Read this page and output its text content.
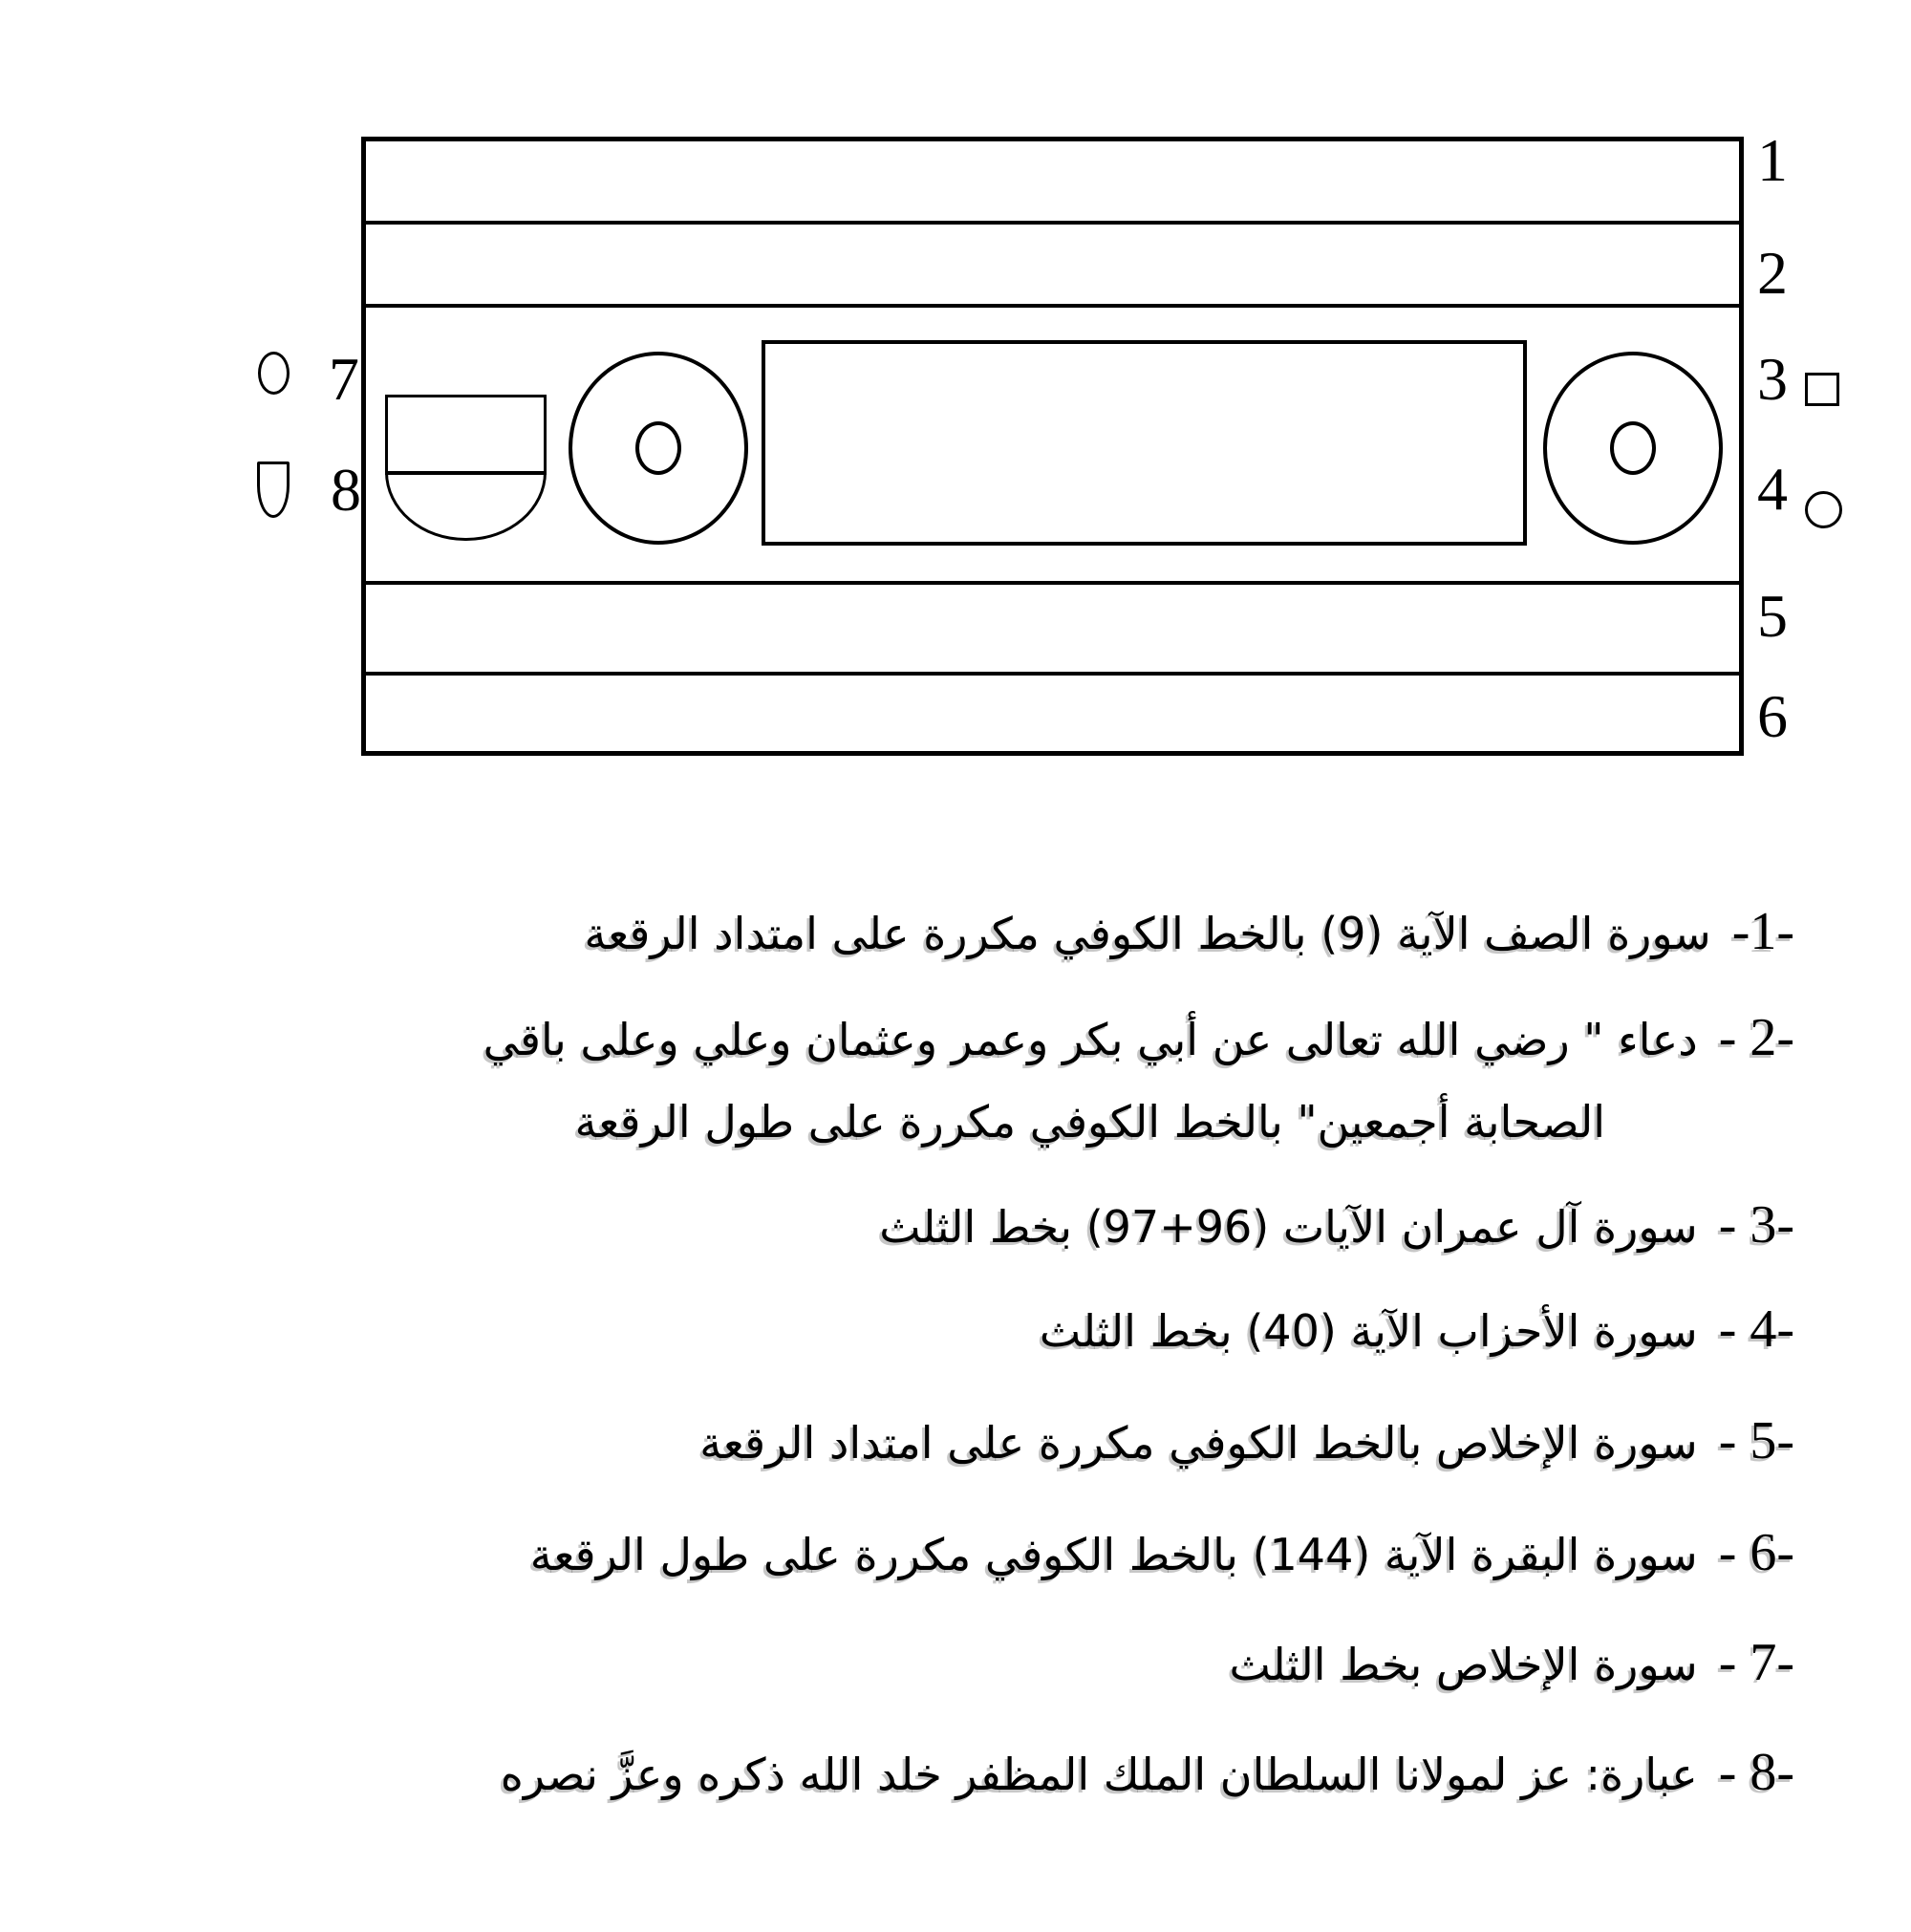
1
2
3
4
5
6
7
8
-1-سورة الصف الآية (9) بالخط الكوفي مكررة على امتداد الرقعة
-2 -دعاء " رضي الله تعالى عن أبي بكر وعمر وعثمان وعلي وعلى باقي
الصحابة أجمعين" بالخط الكوفي مكررة على طول الرقعة
-3 -سورة آل عمران الآيات (96+97) بخط الثلث
-4 -سورة الأحزاب الآية (40) بخط الثلث
-5 -سورة الإخلاص بالخط الكوفي مكررة على امتداد الرقعة
-6 -سورة البقرة الآية (144) بالخط الكوفي مكررة على طول الرقعة
-7 -سورة الإخلاص بخط الثلث
-8 -عبارة: عز لمولانا السلطان الملك المظفر خلد الله ذكره وعزَّ نصره
